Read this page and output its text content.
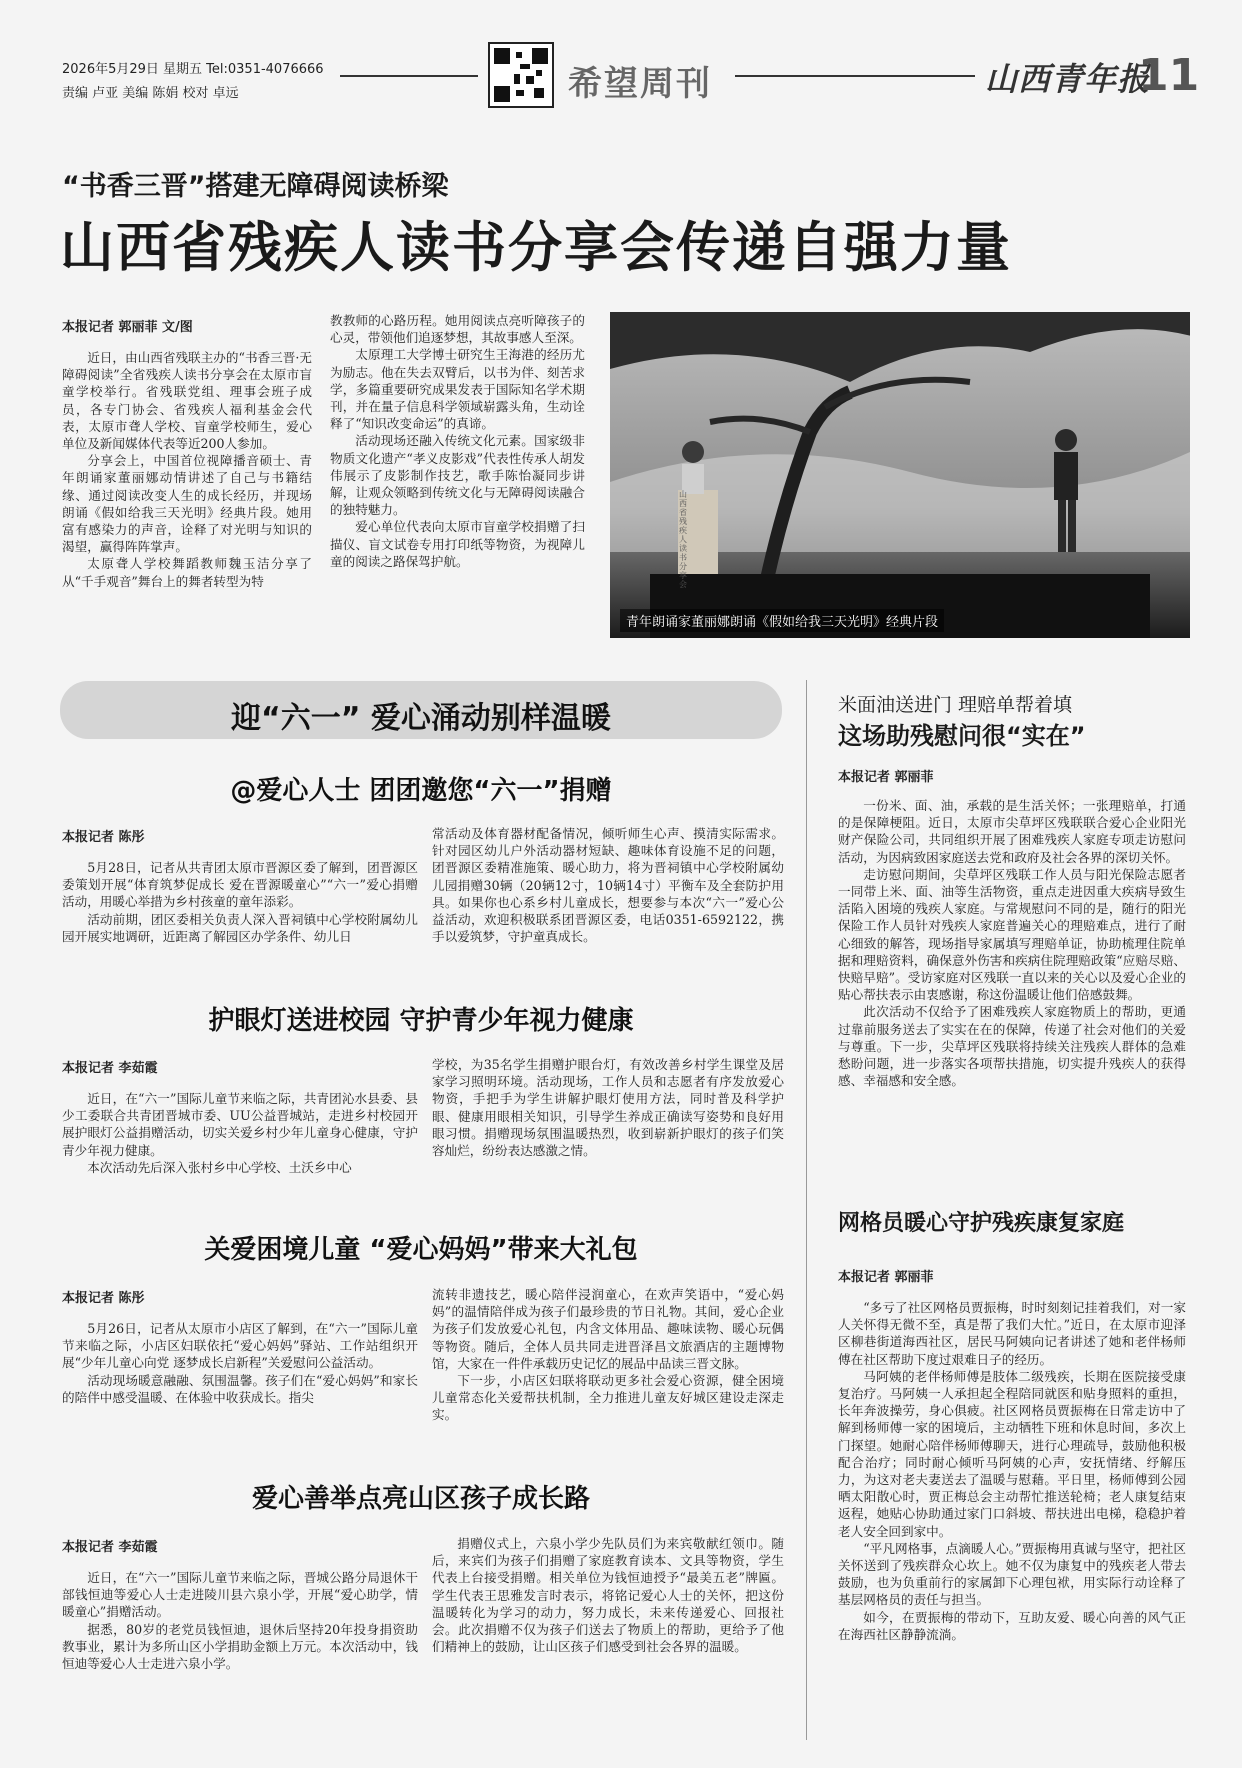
2026年5月29日 星期五 Tel:0351-4076666
责编 卢亚 美编 陈娟 校对 卓远	希望周刊	山西青年报
11
“书香三晋”搭建无障碍阅读桥梁
山西省残疾人读书分享会传递自强力量
本报记者 郭丽菲 文/图

近日，由山西省残联主办的“书香三晋·无障碍阅读”全省残疾人读书分享会在太原市盲童学校举行。省残联党组、理事会班子成员，各专门协会、省残疾人福利基金会代表，太原市聋人学校、盲童学校师生，爱心单位及新闻媒体代表等近200人参加。

分享会上，中国首位视障播音硕士、青年朗诵家董丽娜动情讲述了自己与书籍结缘、通过阅读改变人生的成长经历，并现场朗诵《假如给我三天光明》经典片段。她用富有感染力的声音，诠释了对光明与知识的渴望，赢得阵阵掌声。

太原聋人学校舞蹈教师魏玉洁分享了从“千手观音”舞台上的舞者转型为特

教教师的心路历程。她用阅读点亮听障孩子的心灵，带领他们追逐梦想，其故事感人至深。

太原理工大学博士研究生王海港的经历尤为励志。他在失去双臂后，以书为伴、刻苦求学，多篇重要研究成果发表于国际知名学术期刊，并在量子信息科学领域崭露头角，生动诠释了“知识改变命运”的真谛。

活动现场还融入传统文化元素。国家级非物质文化遗产“孝义皮影戏”代表性传承人胡发伟展示了皮影制作技艺，歌手陈怡凝同步讲解，让观众领略到传统文化与无障碍阅读融合的独特魅力。

爱心单位代表向太原市盲童学校捐赠了扫描仪、盲文试卷专用打印纸等物资，为视障儿童的阅读之路保驾护航。

山西省残疾人读书分享会
青年朗诵家董丽娜朗诵《假如给我三天光明》经典片段
迎“六一” 爱心涌动别样温暖
@爱心人士 团团邀您“六一”捐赠
本报记者 陈彤

5月28日，记者从共青团太原市晋源区委了解到，团晋源区委策划开展“体育筑梦促成长 爱在晋源暖童心”“六一”爱心捐赠活动，用暖心举措为乡村孩童的童年添彩。

活动前期，团区委相关负责人深入晋祠镇中心学校附属幼儿园开展实地调研，近距离了解园区办学条件、幼儿日

常活动及体育器材配备情况，倾听师生心声、摸清实际需求。针对园区幼儿户外活动器材短缺、趣味体育设施不足的问题，团晋源区委精准施策、暖心助力，将为晋祠镇中心学校附属幼儿园捐赠30辆（20辆12寸，10辆14寸）平衡车及全套防护用具。如果你也心系乡村儿童成长，想要参与本次“六一”爱心公益活动，欢迎积极联系团晋源区委，电话0351-6592122，携手以爱筑梦，守护童真成长。

护眼灯送进校园 守护青少年视力健康
本报记者 李茹霞

近日，在“六一”国际儿童节来临之际，共青团沁水县委、县少工委联合共青团晋城市委、UU公益晋城站，走进乡村校园开展护眼灯公益捐赠活动，切实关爱乡村少年儿童身心健康，守护青少年视力健康。

本次活动先后深入张村乡中心学校、土沃乡中心

学校，为35名学生捐赠护眼台灯，有效改善乡村学生课堂及居家学习照明环境。活动现场，工作人员和志愿者有序发放爱心物资，手把手为学生讲解护眼灯使用方法，同时普及科学护眼、健康用眼相关知识，引导学生养成正确读写姿势和良好用眼习惯。捐赠现场氛围温暖热烈，收到崭新护眼灯的孩子们笑容灿烂，纷纷表达感激之情。

关爱困境儿童 “爱心妈妈”带来大礼包
本报记者 陈彤

5月26日，记者从太原市小店区了解到，在“六一”国际儿童节来临之际，小店区妇联依托“爱心妈妈”驿站、工作站组织开展“少年儿童心向党 逐梦成长启新程”关爱慰问公益活动。

活动现场暖意融融、氛围温馨。孩子们在“爱心妈妈”和家长的陪伴中感受温暖、在体验中收获成长。指尖

流转非遗技艺，暖心陪伴浸润童心，在欢声笑语中，“爱心妈妈”的温情陪伴成为孩子们最珍贵的节日礼物。其间，爱心企业为孩子们发放爱心礼包，内含文体用品、趣味读物、暖心玩偶等物资。随后，全体人员共同走进晋泽昌文旅酒店的主题博物馆，大家在一件件承载历史记忆的展品中品读三晋文脉。

下一步，小店区妇联将联动更多社会爱心资源，健全困境儿童常态化关爱帮扶机制，全力推进儿童友好城区建设走深走实。

爱心善举点亮山区孩子成长路
本报记者 李茹霞

近日，在“六一”国际儿童节来临之际，晋城公路分局退休干部钱恒迪等爱心人士走进陵川县六泉小学，开展“爱心助学，情暖童心”捐赠活动。

据悉，80岁的老党员钱恒迪，退休后坚持20年投身捐资助教事业，累计为多所山区小学捐助金额上万元。本次活动中，钱恒迪等爱心人士走进六泉小学。

捐赠仪式上，六泉小学少先队员们为来宾敬献红领巾。随后，来宾们为孩子们捐赠了家庭教育读本、文具等物资，学生代表上台接受捐赠。相关单位为钱恒迪授予“最美五老”牌匾。学生代表王思雅发言时表示，将铭记爱心人士的关怀，把这份温暖转化为学习的动力，努力成长，未来传递爱心、回报社会。此次捐赠不仅为孩子们送去了物质上的帮助，更给予了他们精神上的鼓励，让山区孩子们感受到社会各界的温暖。

米面油送进门 理赔单帮着填
这场助残慰问很“实在”
本报记者 郭丽菲

一份米、面、油，承载的是生活关怀；一张理赔单，打通的是保障梗阻。近日，太原市尖草坪区残联联合爱心企业阳光财产保险公司，共同组织开展了困难残疾人家庭专项走访慰问活动，为因病致困家庭送去党和政府及社会各界的深切关怀。

走访慰问期间，尖草坪区残联工作人员与阳光保险志愿者一同带上米、面、油等生活物资，重点走进因重大疾病导致生活陷入困境的残疾人家庭。与常规慰问不同的是，随行的阳光保险工作人员针对残疾人家庭普遍关心的理赔难点，进行了耐心细致的解答，现场指导家属填写理赔单证，协助梳理住院单据和理赔资料，确保意外伤害和疾病住院理赔政策“应赔尽赔、快赔早赔”。受访家庭对区残联一直以来的关心以及爱心企业的贴心帮扶表示由衷感谢，称这份温暖让他们倍感鼓舞。

此次活动不仅给予了困难残疾人家庭物质上的帮助，更通过靠前服务送去了实实在在的保障，传递了社会对他们的关爱与尊重。下一步，尖草坪区残联将持续关注残疾人群体的急难愁盼问题，进一步落实各项帮扶措施，切实提升残疾人的获得感、幸福感和安全感。

网格员暖心守护残疾康复家庭
本报记者 郭丽菲

“多亏了社区网格员贾振梅，时时刻刻记挂着我们，对一家人关怀得无微不至，真是帮了我们大忙。”近日，在太原市迎泽区柳巷街道海西社区，居民马阿姨向记者讲述了她和老伴杨师傅在社区帮助下度过艰难日子的经历。

马阿姨的老伴杨师傅是肢体二级残疾，长期在医院接受康复治疗。马阿姨一人承担起全程陪同就医和贴身照料的重担，长年奔波操劳，身心俱疲。社区网格员贾振梅在日常走访中了解到杨师傅一家的困境后，主动牺牲下班和休息时间，多次上门探望。她耐心陪伴杨师傅聊天，进行心理疏导，鼓励他积极配合治疗；同时耐心倾听马阿姨的心声，安抚情绪、纾解压力，为这对老夫妻送去了温暖与慰藉。平日里，杨师傅到公园晒太阳散心时，贾正梅总会主动帮忙推送轮椅；老人康复结束返程，她贴心协助通过家门口斜坡、帮扶进出电梯，稳稳护着老人安全回到家中。

“平凡网格事，点滴暖人心。”贾振梅用真诚与坚守，把社区关怀送到了残疾群众心坎上。她不仅为康复中的残疾老人带去鼓励，也为负重前行的家属卸下心理包袱，用实际行动诠释了基层网格员的责任与担当。

如今，在贾振梅的带动下，互助友爱、暖心向善的风气正在海西社区静静流淌。
